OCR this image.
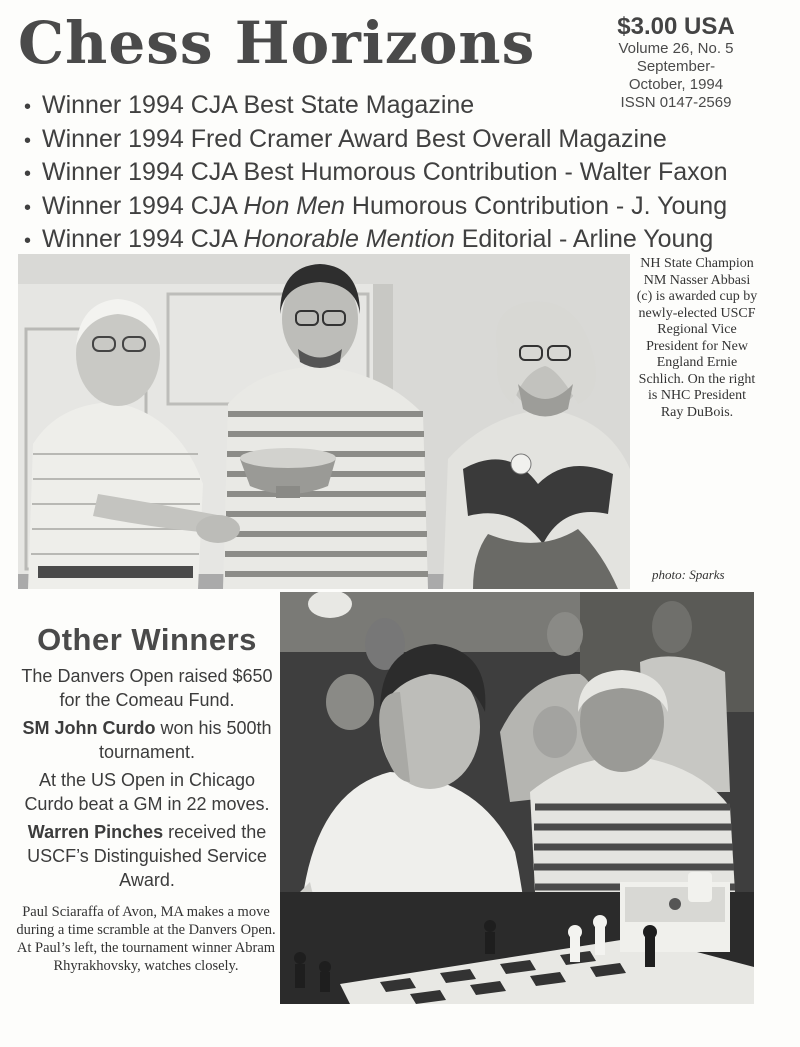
Chess Horizons	$3.00 USA
Volume 26, No. 5
September-
October, 1994
ISSN 0147-2569
• Winner 1994 CJA Best State Magazine
• Winner 1994 Fred Cramer Award Best Overall Magazine
• Winner 1994 CJA Best Humorous Contribution - Walter Faxon
• Winner 1994 CJA Hon Men Humorous Contribution - J. Young
• Winner 1994 CJA Honorable Mention Editorial - Arline Young
NH State Champion NM Nasser Abbasi (c) is awarded cup by newly-elected USCF Regional Vice President for New England Ernie Schlich. On the right is NHC President Ray DuBois.
photo: Sparks
Other Winners

The Danvers Open raised $650 for the Comeau Fund.

SM John Curdo won his 500th tournament.

At the US Open in Chicago Curdo beat a GM in 22 moves.

Warren Pinches received the USCF’s Distinguished Service Award.

Paul Sciaraffa of Avon, MA makes a move during a time scramble at the Danvers Open. At Paul’s left, the tournament winner Abram Rhyrakhovsky, watches closely.
